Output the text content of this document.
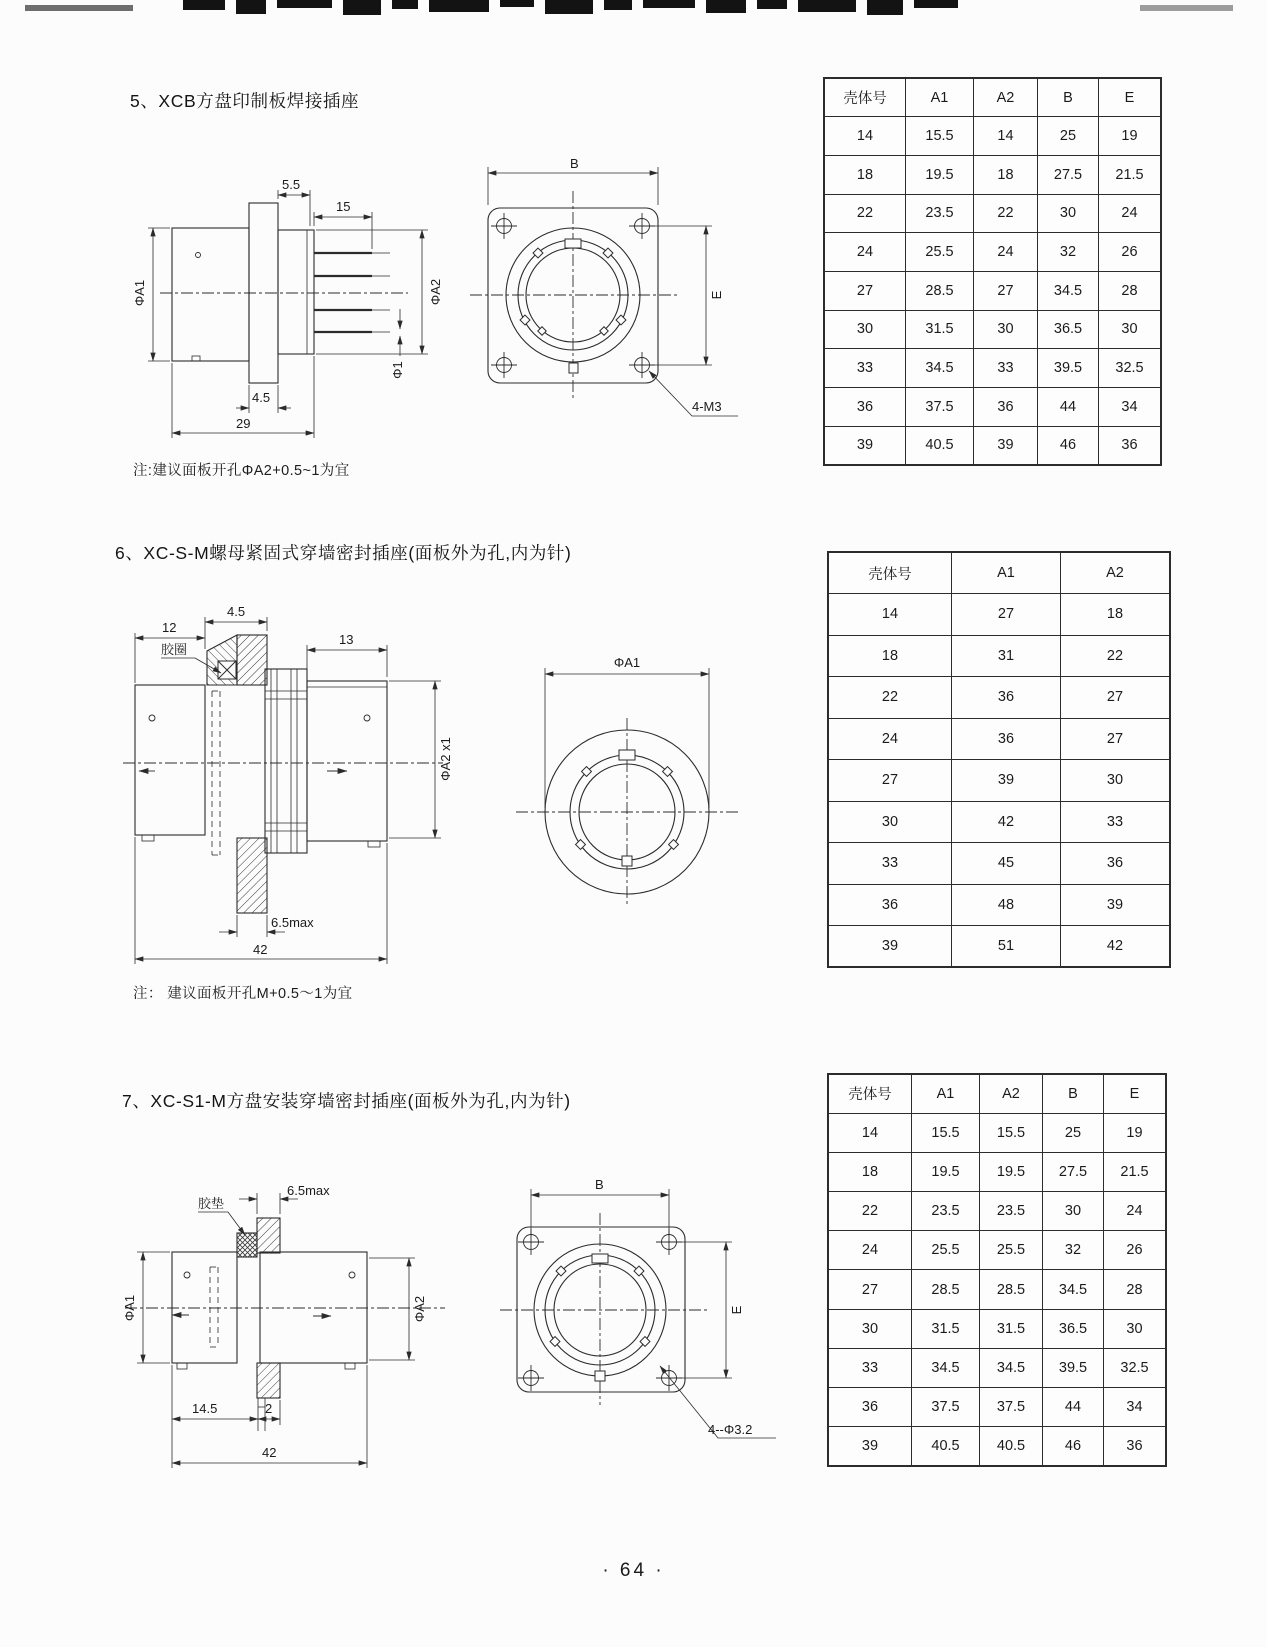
5、XCB方盘印制板焊接插座
5.5
15
ΦA1	ΦA2
Φ1
4.5
29
B
E
4-M3
壳体号	A1	A2	B	E
14	15.5	14	25	19
18	19.5	18	27.5	21.5
22	23.5	22	30	24
24	25.5	24	32	26
27	28.5	27	34.5	28
30	31.5	30	36.5	30
33	34.5	33	39.5	32.5
36	37.5	36	44	34
39	40.5	39	46	36
注:建议面板开孔ΦA2+0.5~1为宜
6、XC-S-M螺母紧固式穿墙密封插座(面板外为孔,内为针)
12
4.5
13
胶圈
ΦA2 x1
6.5max
42
ΦA1
壳体号	A1	A2
14	27	18
18	31	22
22	36	27
24	36	27
27	39	30
30	42	33
33	45	36
36	48	39
39	51	42
注： 建议面板开孔M+0.5～1为宜
7、XC-S1-M方盘安装穿墙密封插座(面板外为孔,内为针)
胶垫
6.5max
ΦA1	ΦA2
14.5	2
42
B
E
4--Φ3.2
壳体号	A1	A2	B	E
14	15.5	15.5	25	19
18	19.5	19.5	27.5	21.5
22	23.5	23.5	30	24
24	25.5	25.5	32	26
27	28.5	28.5	34.5	28
30	31.5	31.5	36.5	30
33	34.5	34.5	39.5	32.5
36	37.5	37.5	44	34
39	40.5	40.5	46	36
· 64 ·
